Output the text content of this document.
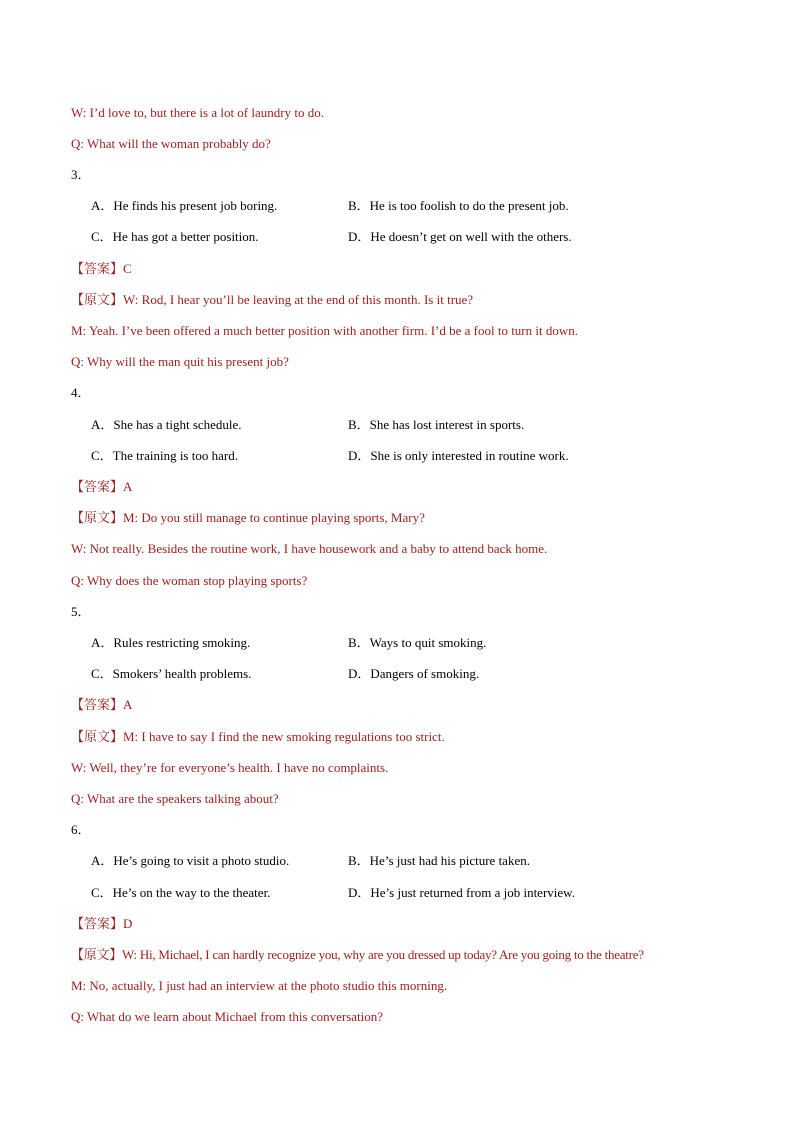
W: I’d love to, but there is a lot of laundry to do.
Q: What will the woman probably do?
3．
A．He finds his present job boring.	B．He is too foolish to do the present job.
C．He has got a better position.	D．He doesn’t get on well with the others.
【答案】C
【原文】W: Rod, I hear you’ll be leaving at the end of this month. Is it true?
M: Yeah. I’ve been offered a much better position with another firm. I’d be a fool to turn it down.
Q: Why will the man quit his present job?
4．
A．She has a tight schedule.	B．She has lost interest in sports.
C．The training is too hard.	D．She is only interested in routine work.
【答案】A
【原文】M: Do you still manage to continue playing sports, Mary?
W: Not really. Besides the routine work, I have housework and a baby to attend back home.
Q: Why does the woman stop playing sports?
5．
A．Rules restricting smoking.	B．Ways to quit smoking.
C．Smokers’ health problems.	D．Dangers of smoking.
【答案】A
【原文】M: I have to say I find the new smoking regulations too strict.
W: Well, they’re for everyone’s health. I have no complaints.
Q: What are the speakers talking about?
6．
A．He’s going to visit a photo studio.	B．He’s just had his picture taken.
C．He’s on the way to the theater.	D．He’s just returned from a job interview.
【答案】D
【原文】W: Hi, Michael, I can hardly recognize you, why are you dressed up today? Are you going to the theatre?
M: No, actually, I just had an interview at the photo studio this morning.
Q: What do we learn about Michael from this conversation?
